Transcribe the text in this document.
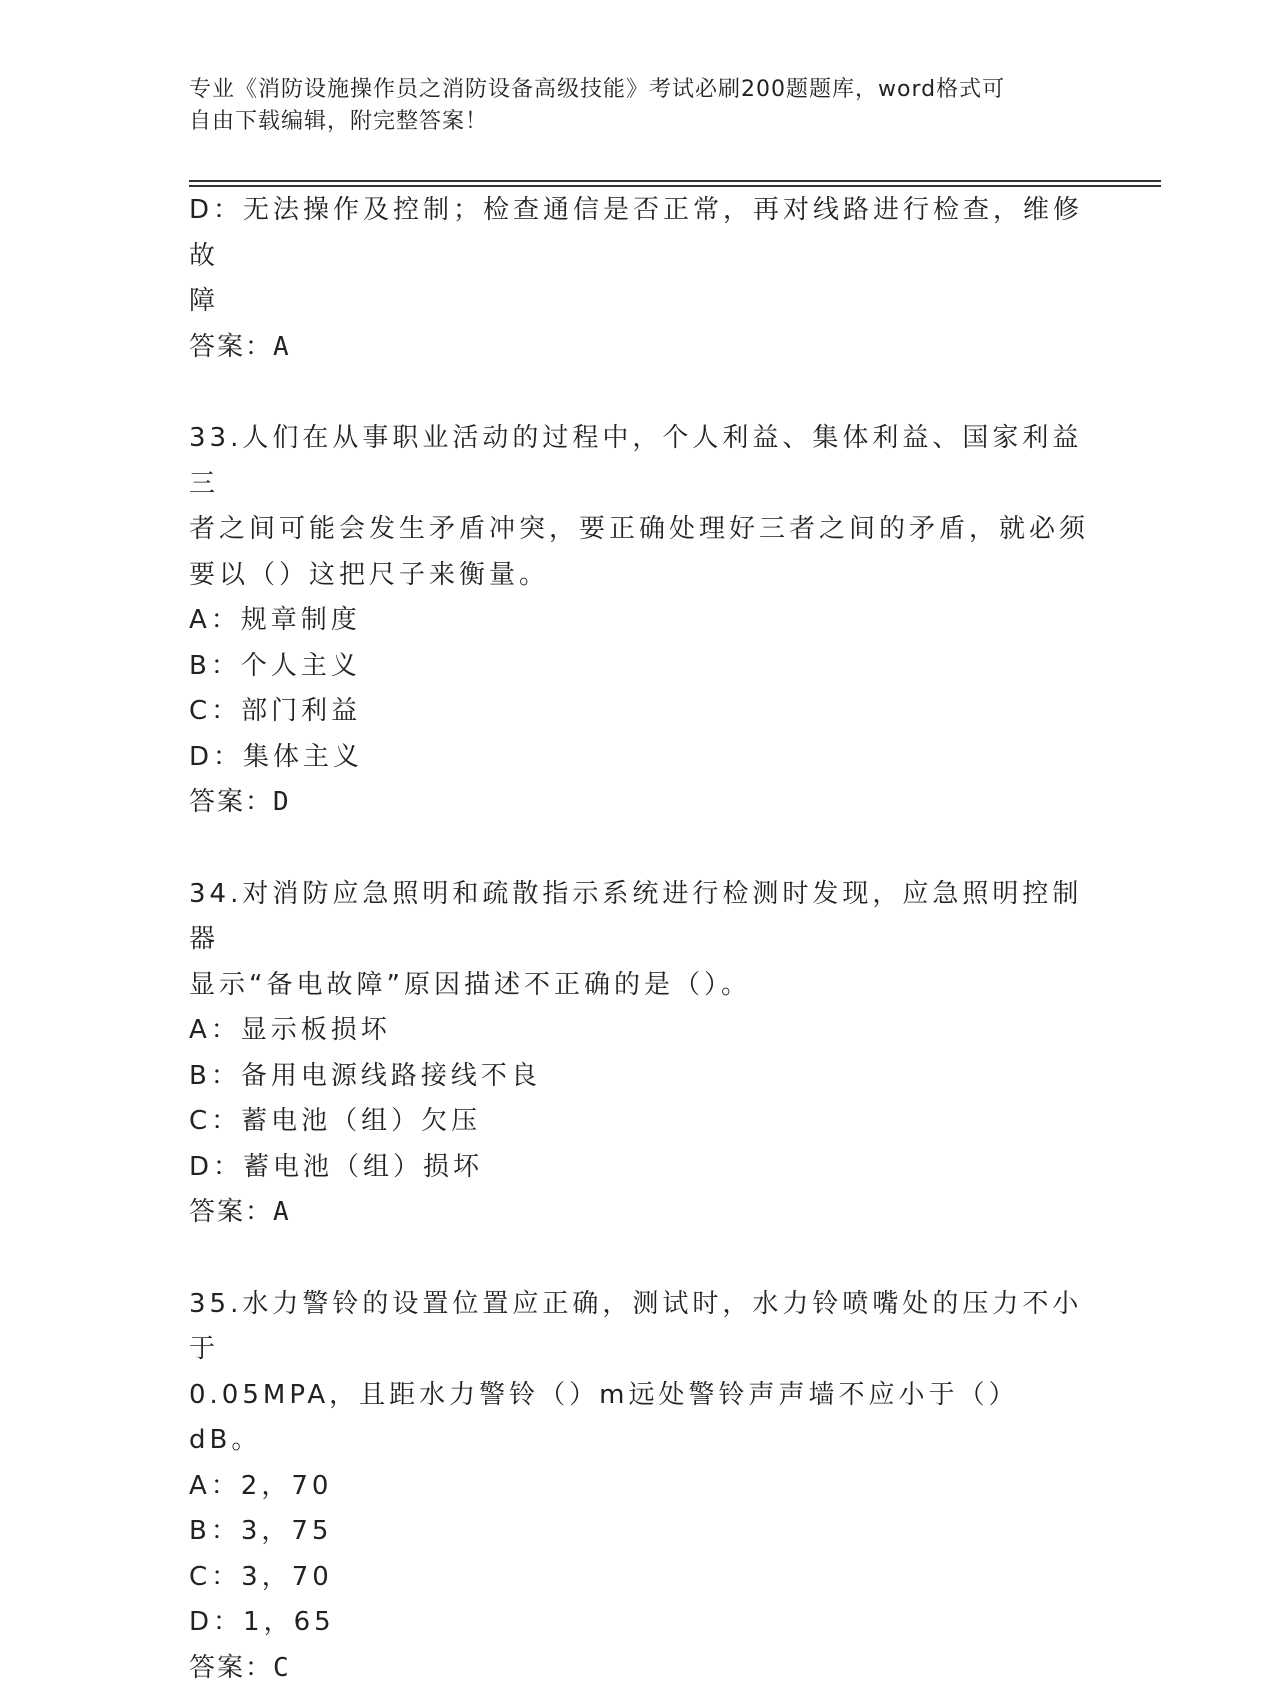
专业《消防设施操作员之消防设备高级技能》考试必刷200题题库，word格式可
自由下载编辑，附完整答案！
D：无法操作及控制；检查通信是否正常，再对线路进行检查，维修故
障
答案：A
33.人们在从事职业活动的过程中，个人利益、集体利益、国家利益三
者之间可能会发生矛盾冲突，要正确处理好三者之间的矛盾，就必须
要以（）这把尺子来衡量。
A：规章制度
B：个人主义
C：部门利益
D：集体主义
答案：D
34.对消防应急照明和疏散指示系统进行检测时发现，应急照明控制器
显示“备电故障”原因描述不正确的是（）。
A：显示板损坏
B：备用电源线路接线不良
C：蓄电池（组）欠压
D：蓄电池（组）损坏
答案：A
35.水力警铃的设置位置应正确，测试时，水力铃喷嘴处的压力不小于
0.05MPA，且距水力警铃（）m远处警铃声声墙不应小于（）dB。
A：2，70
B：3，75
C：3，70
D：1，65
答案：C
